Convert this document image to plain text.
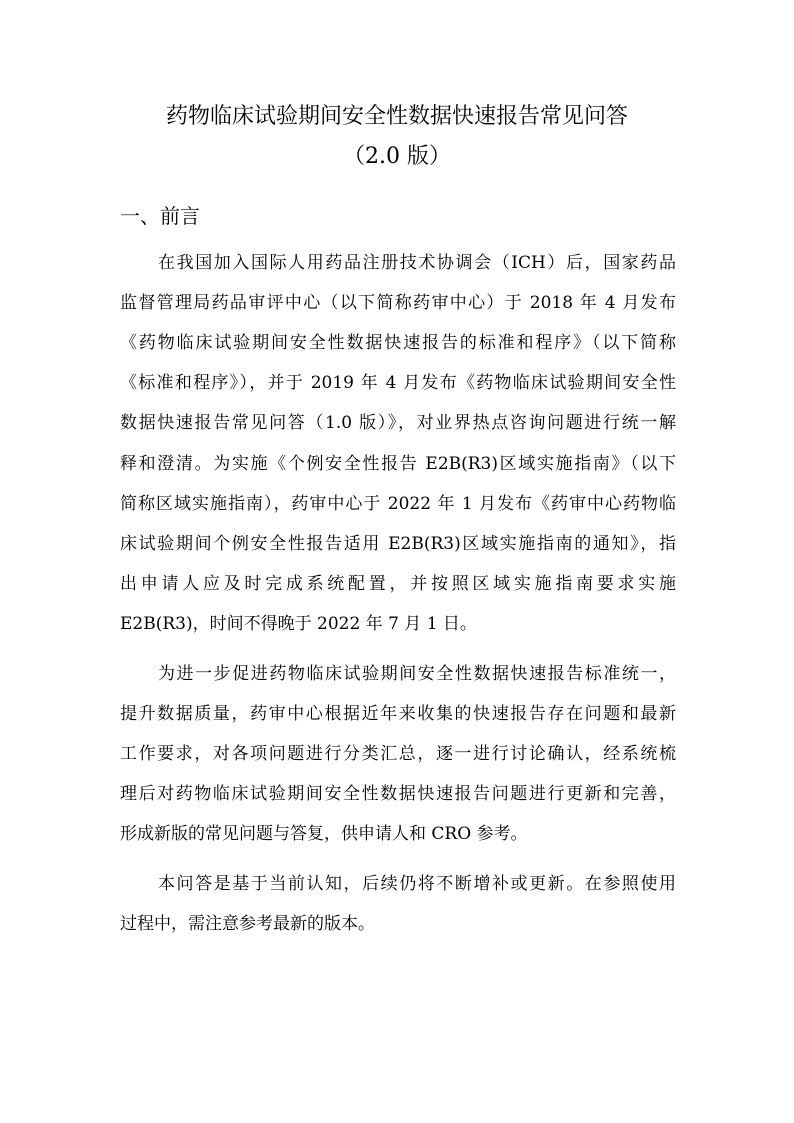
药物临床试验期间安全性数据快速报告常见问答
（2.0 版）
一、前言
在我国加入国际人用药品注册技术协调会（ICH）后，国家药品
监督管理局药品审评中心（以下简称药审中心）于 2018 年 4 月发布
《药物临床试验期间安全性数据快速报告的标准和程序》（以下简称
《标准和程序》），并于 2019 年 4 月发布《药物临床试验期间安全性
数据快速报告常见问答（1.0 版）》，对业界热点咨询问题进行统一解
释和澄清。为实施《个例安全性报告 E2B(R3)区域实施指南》（以下
简称区域实施指南），药审中心于 2022 年 1 月发布《药审中心药物临
床试验期间个例安全性报告适用 E2B(R3)区域实施指南的通知》，指
出申请人应及时完成系统配置，并按照区域实施指南要求实施
E2B(R3)，时间不得晚于 2022 年 7 月 1 日。
为进一步促进药物临床试验期间安全性数据快速报告标准统一，
提升数据质量，药审中心根据近年来收集的快速报告存在问题和最新
工作要求，对各项问题进行分类汇总，逐一进行讨论确认，经系统梳
理后对药物临床试验期间安全性数据快速报告问题进行更新和完善，
形成新版的常见问题与答复，供申请人和 CRO 参考。
本问答是基于当前认知，后续仍将不断增补或更新。在参照使用
过程中，需注意参考最新的版本。
